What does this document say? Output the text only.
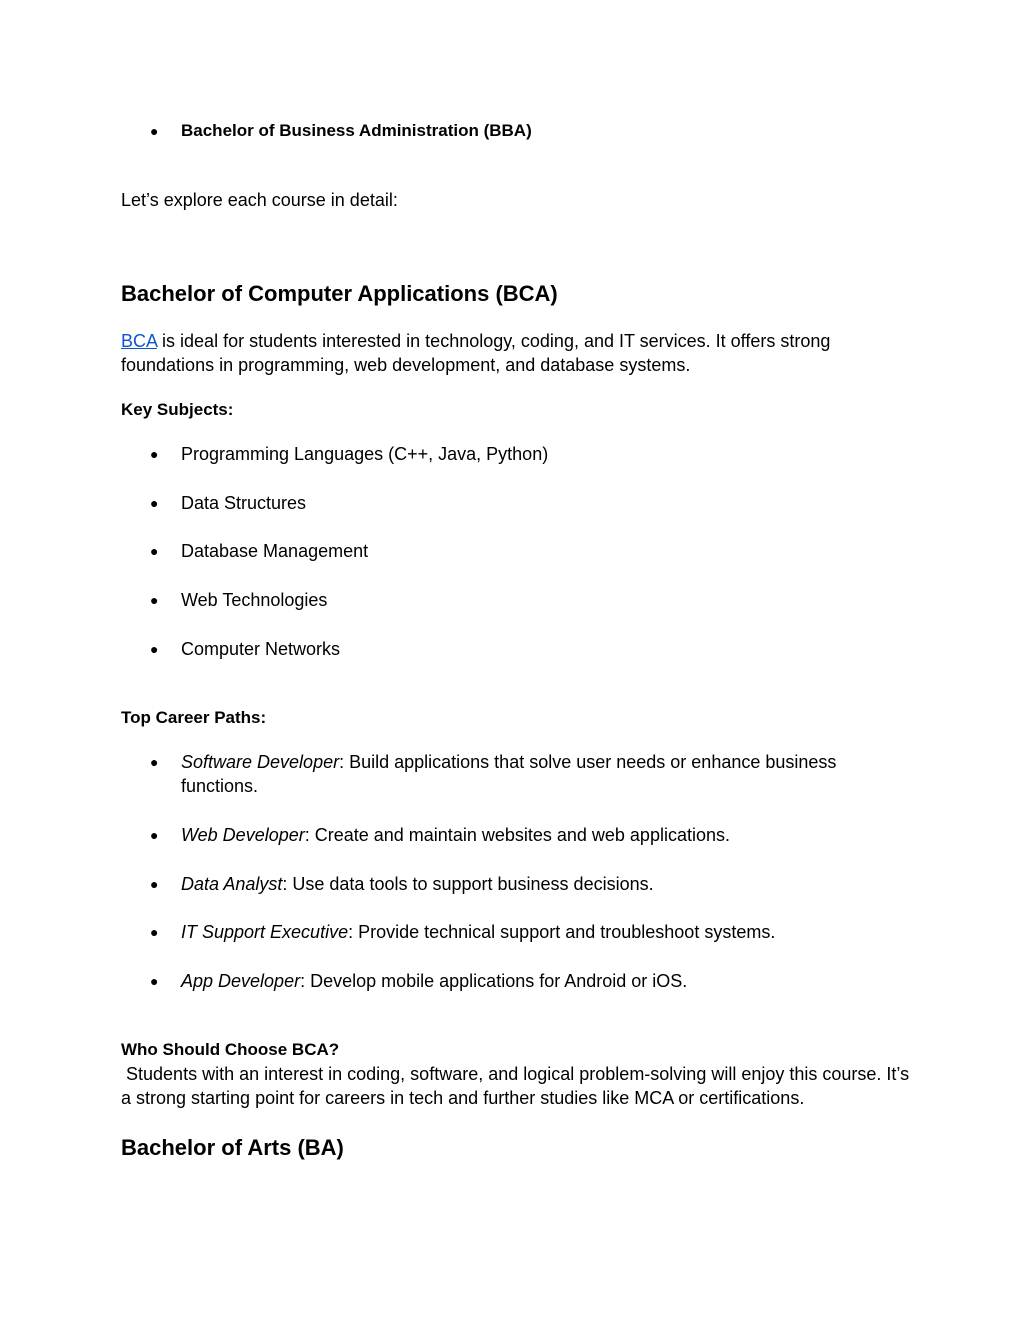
●	Bachelor of Business Administration (BBA)
Let’s explore each course in detail:
Bachelor of Computer Applications (BCA)
BCA is ideal for students interested in technology, coding, and IT services. It offers strong foundations in programming, web development, and database systems.
Key Subjects:
●	Programming Languages (C++, Java, Python)
●	Data Structures
●	Database Management
●	Web Technologies
●	Computer Networks
Top Career Paths:
●	Software Developer: Build applications that solve user needs or enhance business functions.
●	Web Developer: Create and maintain websites and web applications.
●	Data Analyst: Use data tools to support business decisions.
●	IT Support Executive: Provide technical support and troubleshoot systems.
●	App Developer: Develop mobile applications for Android or iOS.
Who Should Choose BCA?
Students with an interest in coding, software, and logical problem-solving will enjoy this course. It’s a strong starting point for careers in tech and further studies like MCA or certifications.
Bachelor of Arts (BA)
